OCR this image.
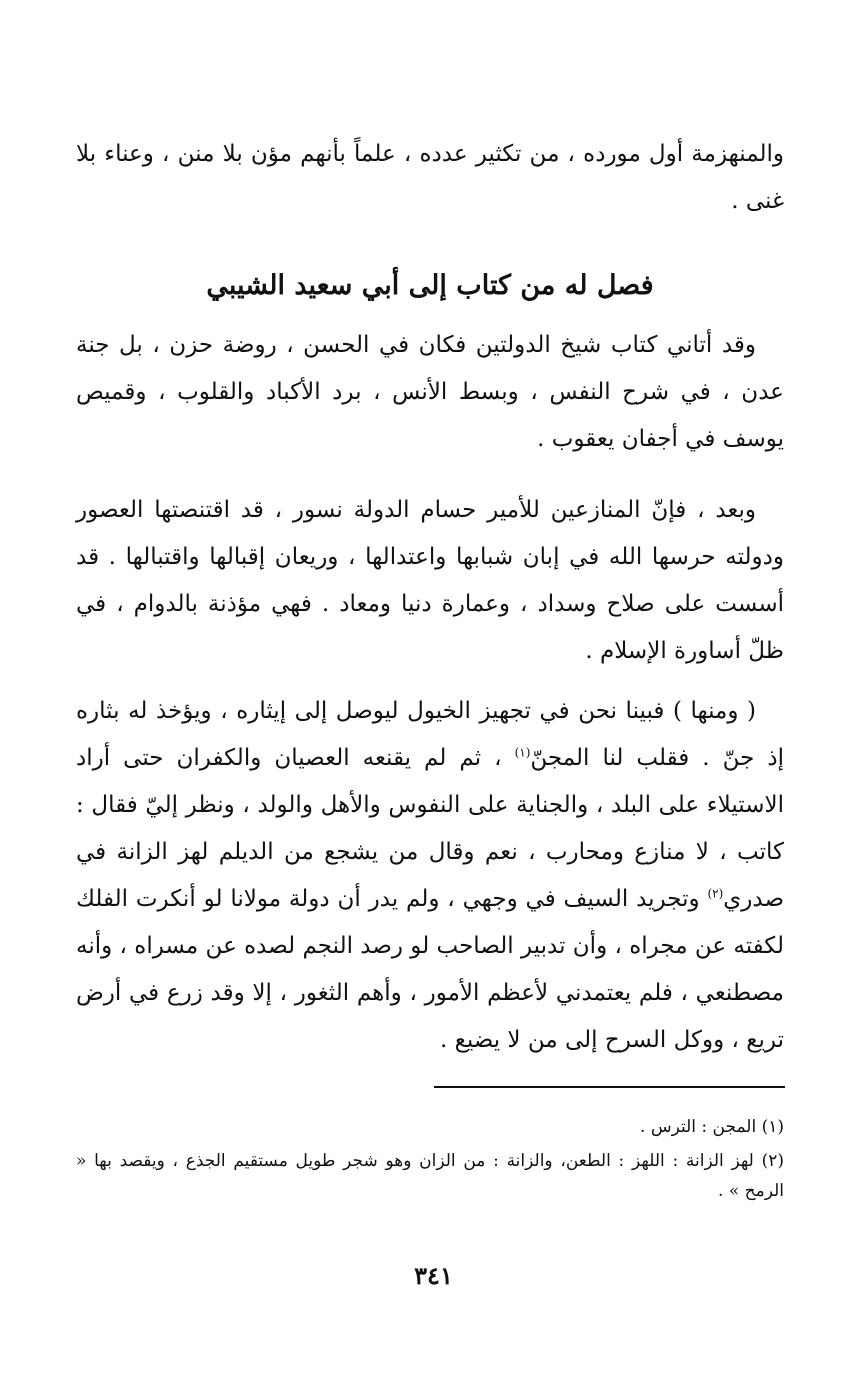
والمنهزمة أول مورده ، من تكثير عدده ، علماً بأنهم مؤن بلا منن ، وعناء بلا غنى .

فصل له من كتاب إلى أبي سعيد الشيبي

وقد أتاني كتاب شيخ الدولتين فكان في الحسن ، روضة حزن ، بل جنة عدن ، في شرح النفس ، وبسط الأنس ، برد الأكباد والقلوب ، وقميص يوسف في أجفان يعقوب .

وبعد ، فإنّ المنازعين للأمير حسام الدولة نسور ، قد اقتنصتها العصور ودولته حرسها الله في إبان شبابها واعتدالها ، وريعان إقبالها واقتبالها . قد أسست على صلاح وسداد ، وعمارة دنيا ومعاد . فهي مؤذنة بالدوام ، في ظلّ أساورة الإسلام .

( ومنها ) فبينا نحن في تجهيز الخيول ليوصل إلى إيثاره ، ويؤخذ له بثاره إذ جنّ . فقلب لنا المجنّ$^{(١)}$ ، ثم لم يقنعه العصيان والكفران حتى أراد الاستيلاء على البلد ، والجناية على النفوس والأهل والولد ، ونظر إليّ فقال : كاتب ، لا منازع ومحارب ، نعم وقال من يشجع من الديلم لهز الزانة في صدري$^{(٢)}$ وتجريد السيف في وجهي ، ولم يدر أن دولة مولانا لو أنكرت الفلك لكفته عن مجراه ، وأن تدبير الصاحب لو رصد النجم لصده عن مسراه ، وأنه مصطنعي ، فلم يعتمدني لأعظم الأمور ، وأهم الثغور ، إلا وقد زرع في أرض تريع ، ووكل السرح إلى من لا يضيع .

(١) المجن : الترس .

(٢) لهز الزانة : اللهز : الطعن، والزانة : من الزان وهو شجر طويل مستقيم الجذع ، ويقصد بها « الرمح » .

٣٤١
